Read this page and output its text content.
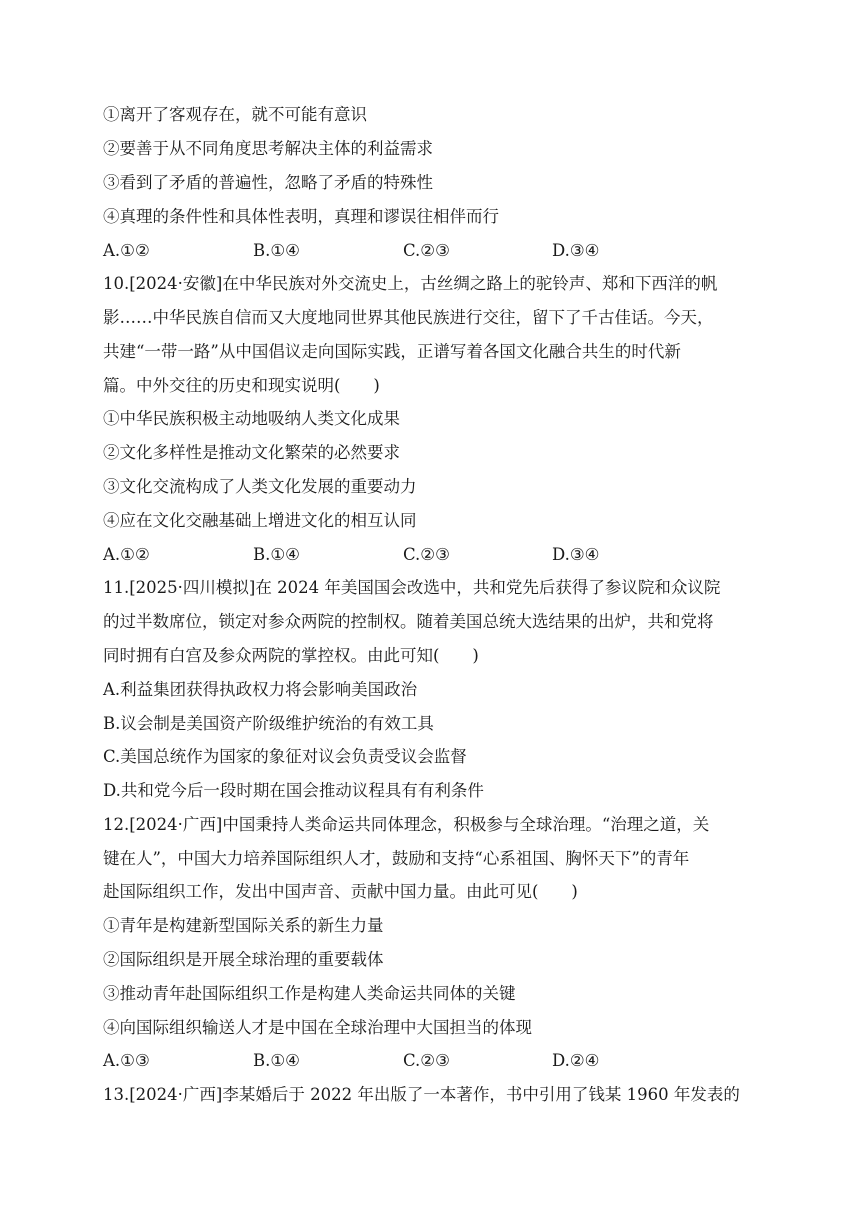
①离开了客观存在，就不可能有意识
②要善于从不同角度思考解决主体的利益需求
③看到了矛盾的普遍性，忽略了矛盾的特殊性
④真理的条件性和具体性表明，真理和谬误往相伴而行
A.①②	B.①④	C.②③	D.③④
10.[2024·安徽]在中华民族对外交流史上，古丝绸之路上的驼铃声、郑和下西洋的帆
影……中华民族自信而又大度地同世界其他民族进行交往，留下了千古佳话。今天，
共建“一带一路”从中国倡议走向国际实践，正谱写着各国文化融合共生的时代新
篇。中外交往的历史和现实说明(　　)
①中华民族积极主动地吸纳人类文化成果
②文化多样性是推动文化繁荣的必然要求
③文化交流构成了人类文化发展的重要动力
④应在文化交融基础上增进文化的相互认同
A.①②	B.①④	C.②③	D.③④
11.[2025·四川模拟]在 2024 年美国国会改选中，共和党先后获得了参议院和众议院
的过半数席位，锁定对参众两院的控制权。随着美国总统大选结果的出炉，共和党将
同时拥有白宫及参众两院的掌控权。由此可知(　　)
A.利益集团获得执政权力将会影响美国政治
B.议会制是美国资产阶级维护统治的有效工具
C.美国总统作为国家的象征对议会负责受议会监督
D.共和党今后一段时期在国会推动议程具有有利条件
12.[2024·广西]中国秉持人类命运共同体理念，积极参与全球治理。“治理之道，关
键在人”，中国大力培养国际组织人才，鼓励和支持“心系祖国、胸怀天下”的青年
赴国际组织工作，发出中国声音、贡献中国力量。由此可见(　　)
①青年是构建新型国际关系的新生力量
②国际组织是开展全球治理的重要载体
③推动青年赴国际组织工作是构建人类命运共同体的关键
④向国际组织输送人才是中国在全球治理中大国担当的体现
A.①③	B.①④	C.②③	D.②④
13.[2024·广西]李某婚后于 2022 年出版了一本著作，书中引用了钱某 1960 年发表的
